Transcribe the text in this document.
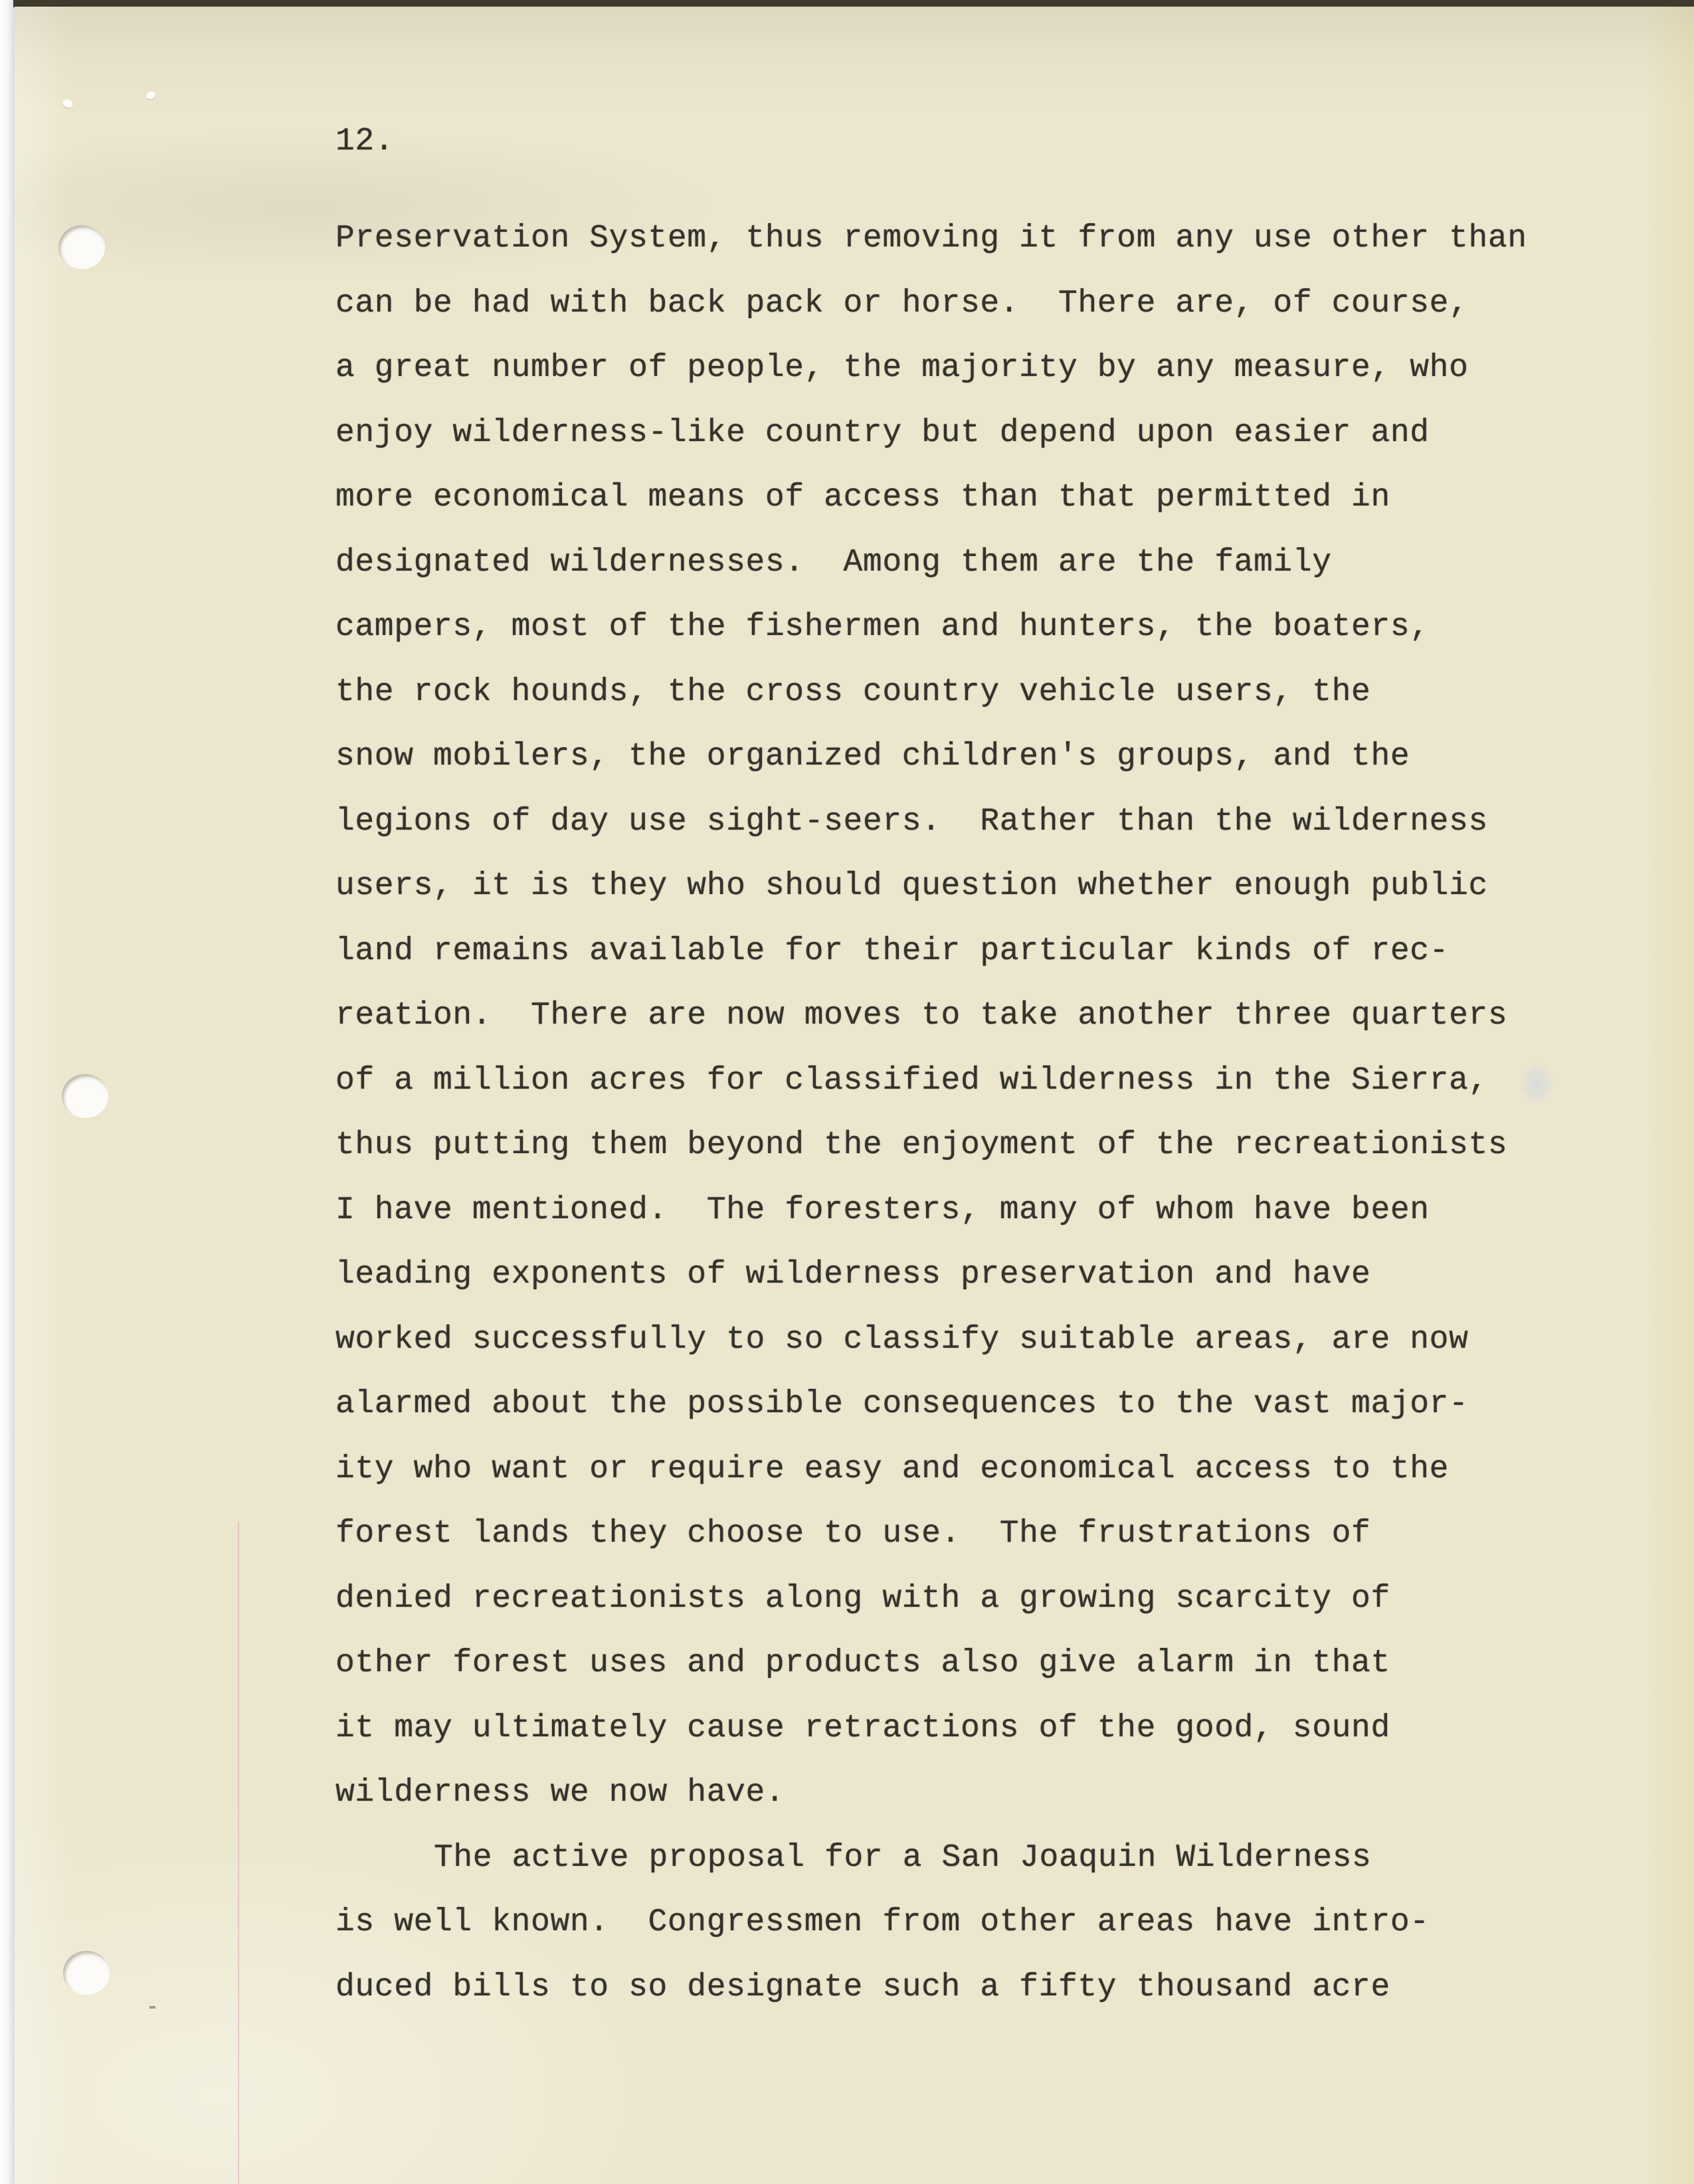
12.
Preservation System, thus removing it from any use other than
can be had with back pack or horse.  There are, of course,
a great number of people, the majority by any measure, who
enjoy wilderness-like country but depend upon easier and
more economical means of access than that permitted in
designated wildernesses.  Among them are the family
campers, most of the fishermen and hunters, the boaters,
the rock hounds, the cross country vehicle users, the
snow mobilers, the organized children's groups, and the
legions of day use sight-seers.  Rather than the wilderness
users, it is they who should question whether enough public
land remains available for their particular kinds of rec-
reation.  There are now moves to take another three quarters
of a million acres for classified wilderness in the Sierra,
thus putting them beyond the enjoyment of the recreationists
I have mentioned.  The foresters, many of whom have been
leading exponents of wilderness preservation and have
worked successfully to so classify suitable areas, are now
alarmed about the possible consequences to the vast major-
ity who want or require easy and economical access to the
forest lands they choose to use.  The frustrations of
denied recreationists along with a growing scarcity of
other forest uses and products also give alarm in that
it may ultimately cause retractions of the good, sound
wilderness we now have.
The active proposal for a San Joaquin Wilderness
is well known.  Congressmen from other areas have intro-
duced bills to so designate such a fifty thousand acre
